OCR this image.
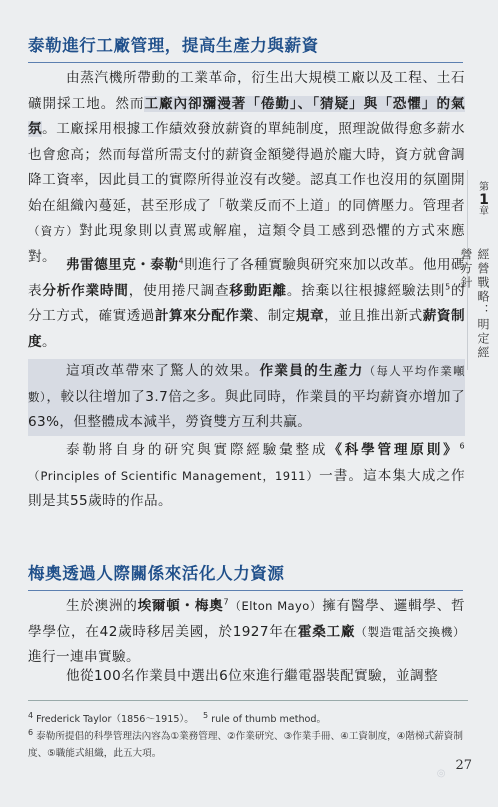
泰勒進行工廠管理，提高生產力與薪資
由蒸汽機所帶動的工業革命，衍生出大規模工廠以及工程、土石礦開採工地。然而工廠內卻瀰漫著「倦勤」、「猜疑」與「恐懼」的氣氛。工廠採用根據工作績效發放薪資的單純制度，照理說做得愈多薪水也會愈高；然而每當所需支付的薪資金額變得過於龐大時，資方就會調降工資率，因此員工的實際所得並沒有改變。認真工作也沒用的氛圍開始在組織內蔓延，甚至形成了「敬業反而不上道」的同儕壓力。管理者（資方）對此現象則以責罵或解雇，這類令員工感到恐懼的方式來應對。
弗雷德里克・泰勒$^4$則進行了各種實驗與研究來加以改革。他用碼表分析作業時間，使用捲尺調查移動距離。捨棄以往根據經驗法則$^5$的分工方式，確實透過計算來分配作業、制定規章，並且推出新式薪資制度。
這項改革帶來了驚人的效果。作業員的生產力（每人平均作業噸數），較以往增加了3.7倍之多。與此同時，作業員的平均薪資亦增加了63%，但整體成本減半，勞資雙方互利共贏。
泰勒將自身的研究與實際經驗彙整成《科學管理原則》$^6$（Principles of Scientific Management，1911）一書。這本集大成之作則是其55歲時的作品。
梅奧透過人際關係來活化人力資源
生於澳洲的埃爾頓・梅奧$^7$（Elton Mayo）擁有醫學、邏輯學、哲學學位，在42歲時移居美國，於1927年在霍桑工廠（製造電話交換機）進行一連串實驗。
他從100名作業員中選出6位來進行繼電器裝配實驗，並調整
$^4$ Frederick Taylor（1856～1915）。 $^5$ rule of thumb method。
$^6$ 泰勒所提倡的科學管理法內容為①業務管理、②作業研究、③作業手冊、④工資制度，④階梯式薪資制度、⑤職能式組織，此五大項。
第
1
章
經營戰略：明定經營方針
◎
27
